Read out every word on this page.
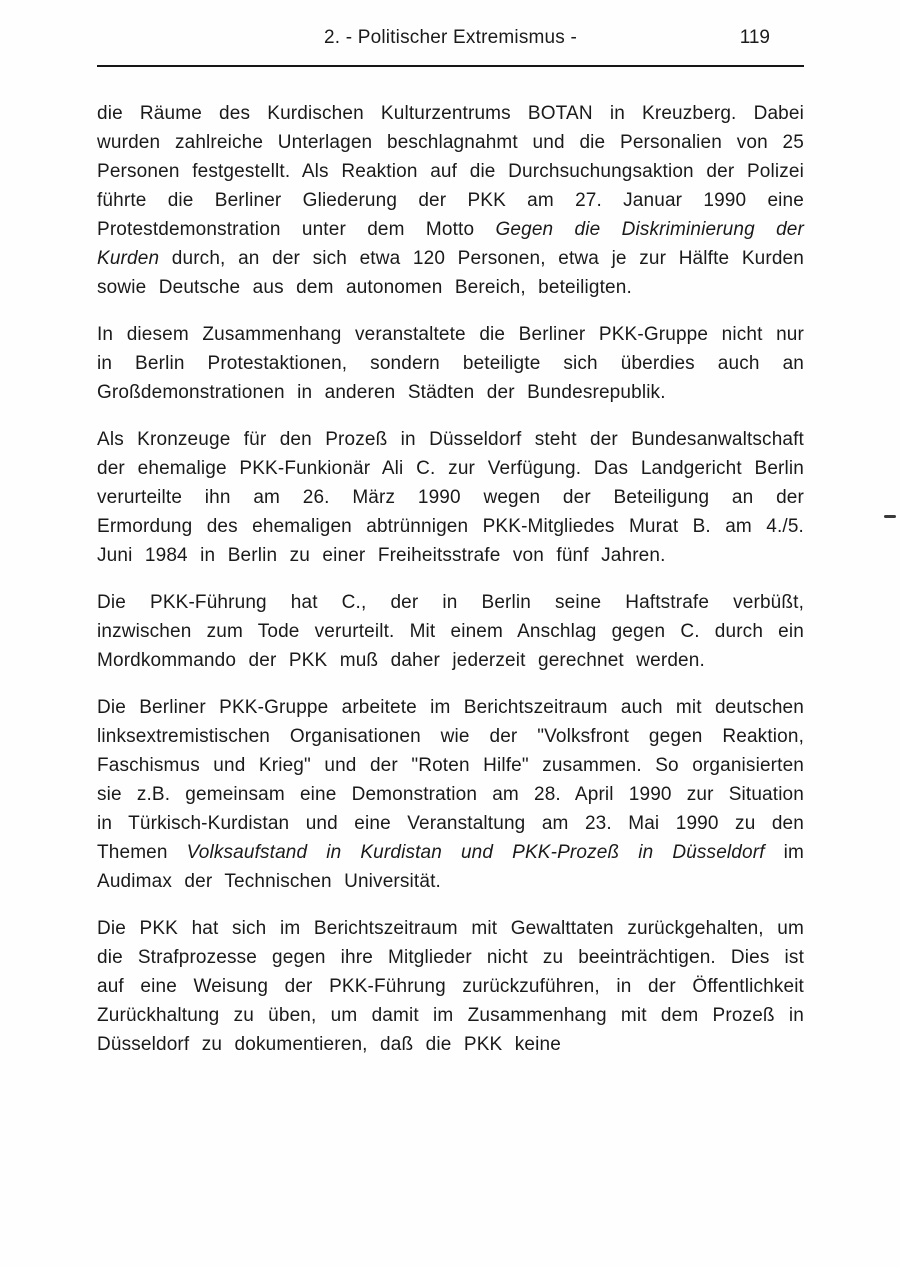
2. - Politischer Extremismus -	119

die Räume des Kurdischen Kulturzentrums BOTAN in Kreuzberg. Dabei wurden zahlreiche Unterlagen beschlagnahmt und die Personalien von 25 Personen festgestellt. Als Reaktion auf die Durchsuchungsaktion der Polizei führte die Berliner Gliederung der PKK am 27. Januar 1990 eine Protestdemonstration unter dem Motto Gegen die Diskriminierung der Kurden durch, an der sich etwa 120 Personen, etwa je zur Hälfte Kurden sowie Deutsche aus dem autonomen Bereich, beteiligten.

In diesem Zusammenhang veranstaltete die Berliner PKK-Gruppe nicht nur in Berlin Protestaktionen, sondern beteiligte sich überdies auch an Großdemonstrationen in anderen Städten der Bundesrepublik.

Als Kronzeuge für den Prozeß in Düsseldorf steht der Bundesanwaltschaft der ehemalige PKK-Funkionär Ali C. zur Verfügung. Das Landgericht Berlin verurteilte ihn am 26. März 1990 wegen der Beteiligung an der Ermordung des ehemaligen abtrünnigen PKK-Mitgliedes Murat B. am 4./5. Juni 1984 in Berlin zu einer Freiheitsstrafe von fünf Jahren.

Die PKK-Führung hat C., der in Berlin seine Haftstrafe verbüßt, inzwischen zum Tode verurteilt. Mit einem Anschlag gegen C. durch ein Mordkommando der PKK muß daher jederzeit gerechnet werden.

Die Berliner PKK-Gruppe arbeitete im Berichtszeitraum auch mit deutschen linksextremistischen Organisationen wie der "Volksfront gegen Reaktion, Faschismus und Krieg" und der "Roten Hilfe" zusammen. So organisierten sie z.B. gemeinsam eine Demonstration am 28. April 1990 zur Situation in Türkisch-Kurdistan und eine Veranstaltung am 23. Mai 1990 zu den Themen Volksaufstand in Kurdistan und PKK-Prozeß in Düsseldorf im Audimax der Technischen Universität.

Die PKK hat sich im Berichtszeitraum mit Gewalttaten zurückgehalten, um die Strafprozesse gegen ihre Mitglieder nicht zu beeinträchtigen. Dies ist auf eine Weisung der PKK-Führung zurückzuführen, in der Öffentlichkeit Zurückhaltung zu üben, um damit im Zusammenhang mit dem Prozeß in Düsseldorf zu dokumentieren, daß die PKK keine
